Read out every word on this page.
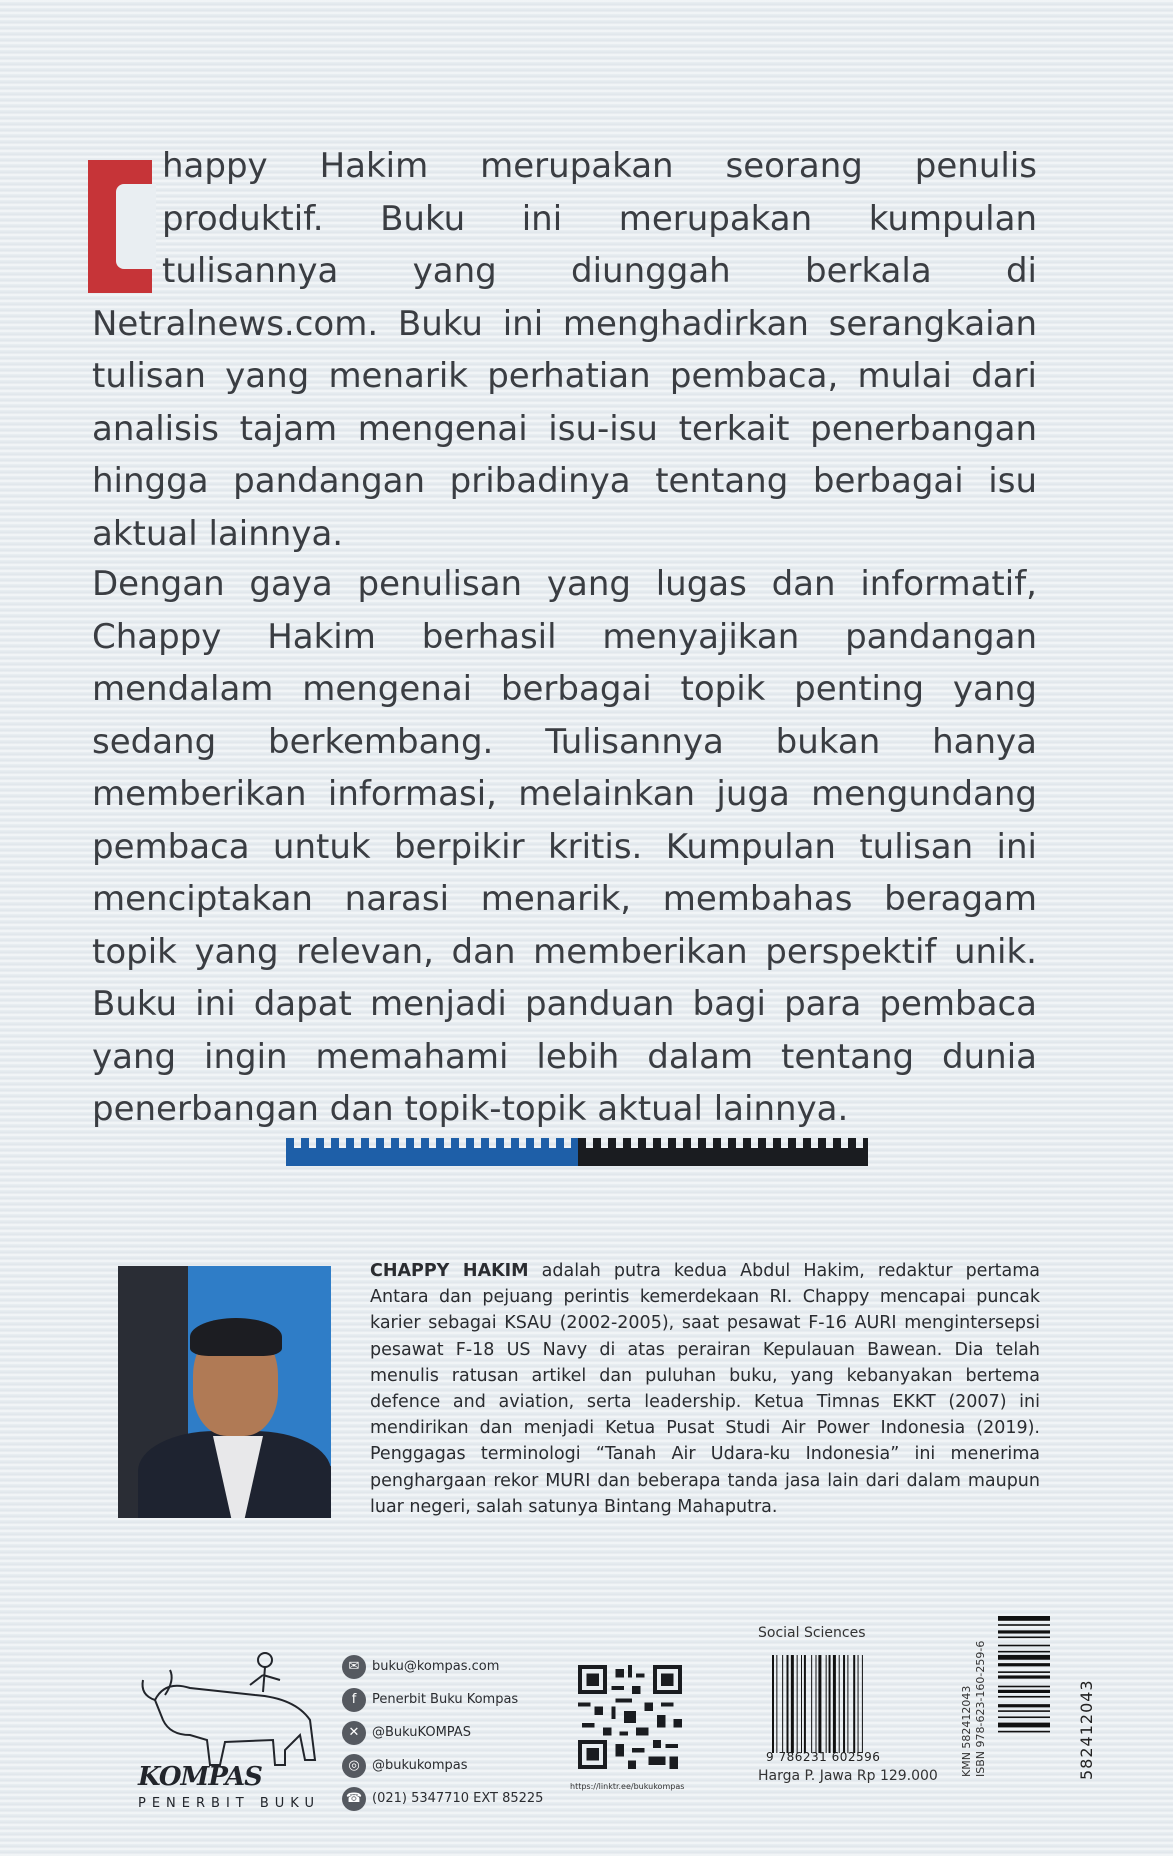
happy Hakim merupakan seorang penulis produktif. Buku ini merupakan kumpulan tulisannya yang diunggah berkala di Netralnews.com. Buku ini menghadirkan serangkaian tulisan yang menarik perhatian pembaca, mulai dari analisis tajam mengenai isu-isu terkait penerbangan hingga pandangan pribadinya tentang berbagai isu aktual lainnya.
Dengan gaya penulisan yang lugas dan informatif, Chappy Hakim berhasil menyajikan pandangan mendalam mengenai berbagai topik penting yang sedang berkembang. Tulisannya bukan hanya memberikan informasi, melainkan juga mengundang pembaca untuk berpikir kritis. Kumpulan tulisan ini menciptakan narasi menarik, membahas beragam topik yang relevan, dan memberikan perspektif unik. Buku ini dapat menjadi panduan bagi para pembaca yang ingin memahami lebih dalam tentang dunia penerbangan dan topik-topik aktual lainnya.
CHAPPY HAKIM adalah putra kedua Abdul Hakim, redaktur pertama Antara dan pejuang perintis kemerdekaan RI. Chappy mencapai puncak karier sebagai KSAU (2002-2005), saat pesawat F-16 AURI mengintersepsi pesawat F-18 US Navy di atas perairan Kepulauan Bawean. Dia telah menulis ratusan artikel dan puluhan buku, yang kebanyakan bertema defence and aviation, serta leadership. Ketua Timnas EKKT (2007) ini mendirikan dan menjadi Ketua Pusat Studi Air Power Indonesia (2019). Penggagas terminologi “Tanah Air Udara-ku Indonesia” ini menerima penghargaan rekor MURI dan beberapa tanda jasa lain dari dalam maupun luar negeri, salah satunya Bintang Mahaputra.
KOMPAS
PENERBIT BUKU
✉ buku@kompas.com
f	Penerbit Buku Kompas
✕ @BukuKOMPAS
◎ @bukukompas
☎ (021) 5347710 EXT 85225
https://linktr.ee/bukukompas
Social Sciences
9 786231 602596
Harga P. Jawa Rp 129.000 KMN 582412043 ISBN 978-623-160-259-6	582412043
